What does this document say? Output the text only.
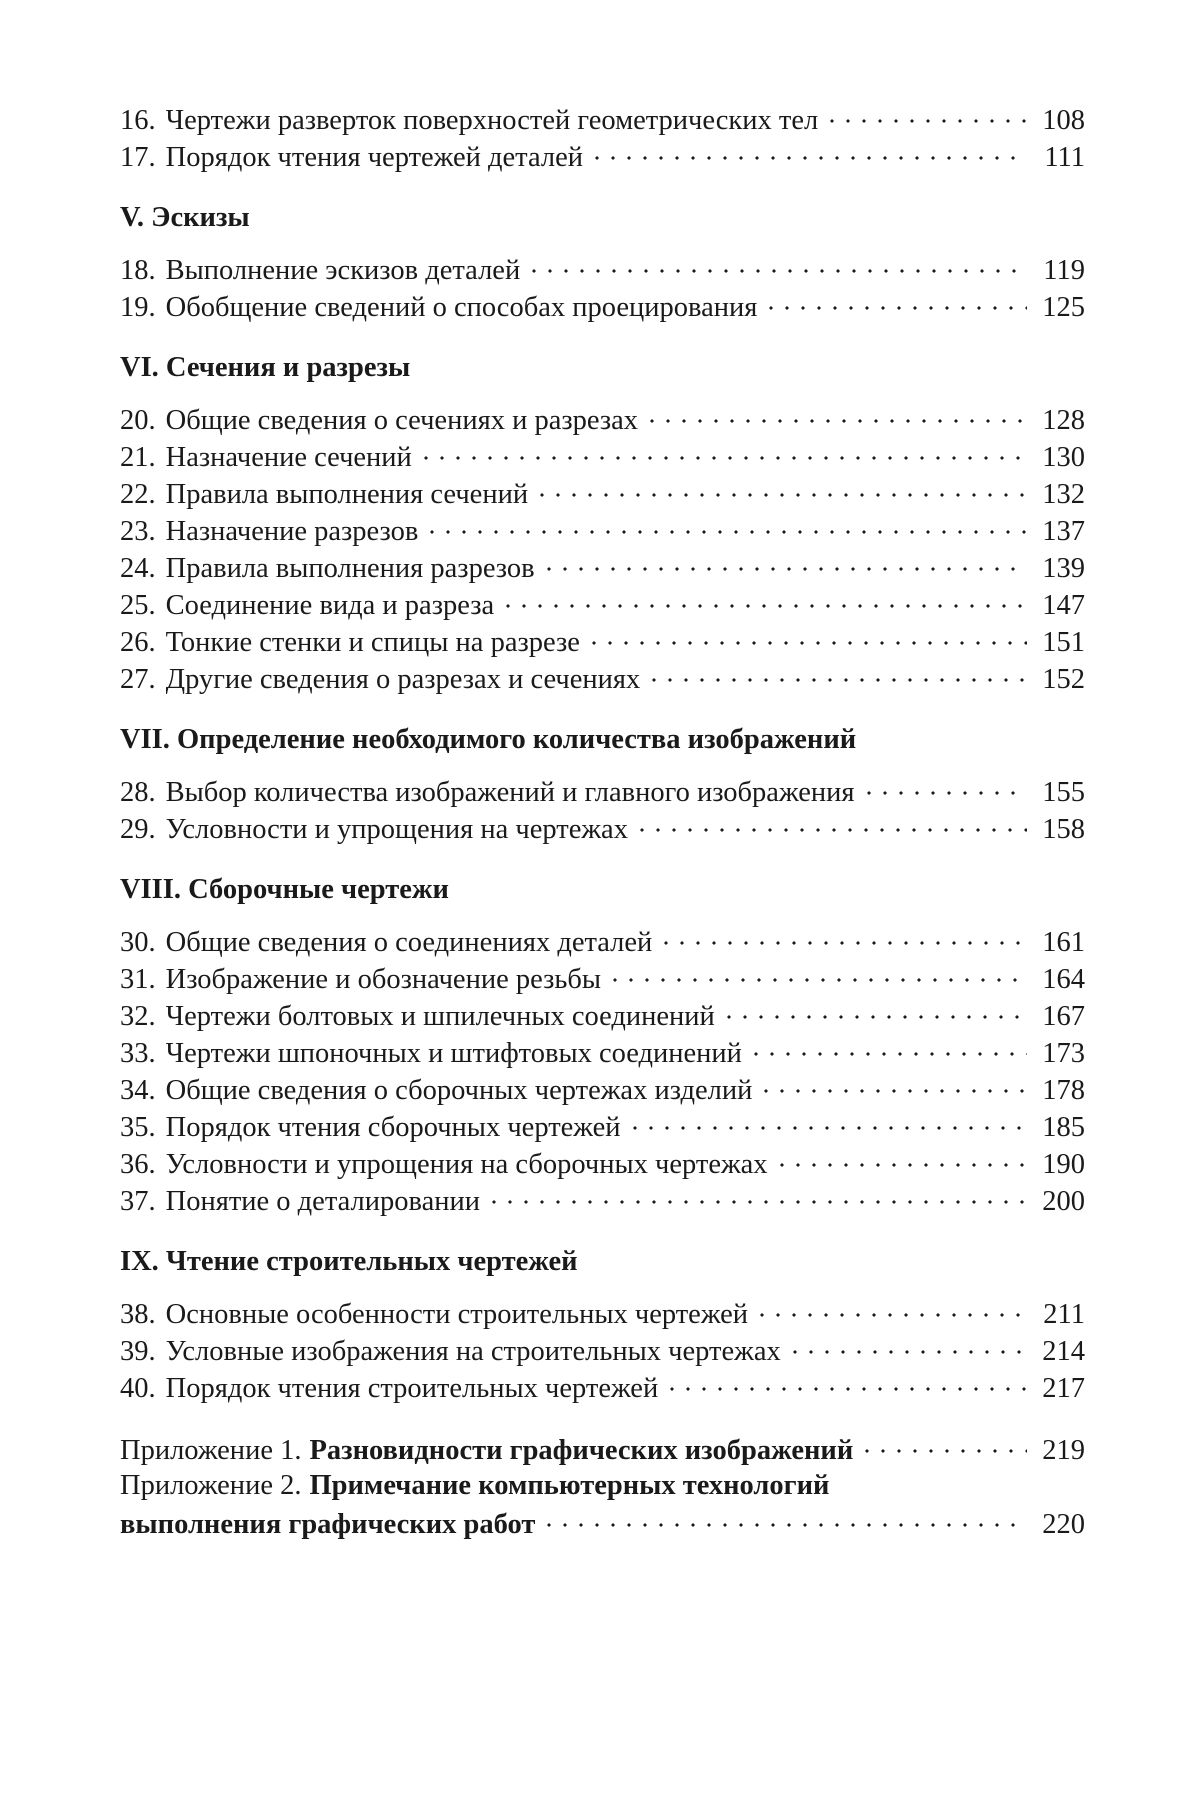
16. Чертежи разверток поверхностей геометрических тел	108
17. Порядок чтения чертежей деталей	111
V. Эскизы
18. Выполнение эскизов деталей	119
19. Обобщение сведений о способах проецирования	125
VI. Сечения и разрезы
20. Общие сведения о сечениях и разрезах	128
21. Назначение сечений	130
22. Правила выполнения сечений	132
23. Назначение разрезов	137
24. Правила выполнения разрезов	139
25. Соединение вида и разреза	147
26. Тонкие стенки и спицы на разрезе	151
27. Другие сведения о разрезах и сечениях	152
VII. Определение необходимого количества изображений
28. Выбор количества изображений и главного изображения	155
29. Условности и упрощения на чертежах	158
VIII. Сборочные чертежи
30. Общие сведения о соединениях деталей	161
31. Изображение и обозначение резьбы	164
32. Чертежи болтовых и шпилечных соединений	167
33. Чертежи шпоночных и штифтовых соединений	173
34. Общие сведения о сборочных чертежах изделий	178
35. Порядок чтения сборочных чертежей	185
36. Условности и упрощения на сборочных чертежах	190
37. Понятие о деталировании	200
IX. Чтение строительных чертежей
38. Основные особенности строительных чертежей	211
39. Условные изображения на строительных чертежах	214
40. Порядок чтения строительных чертежей	217
Приложение 1. Разновидности графических изображений	219
Приложение 2. Примечание компьютерных технологий
выполнения графических работ	220
